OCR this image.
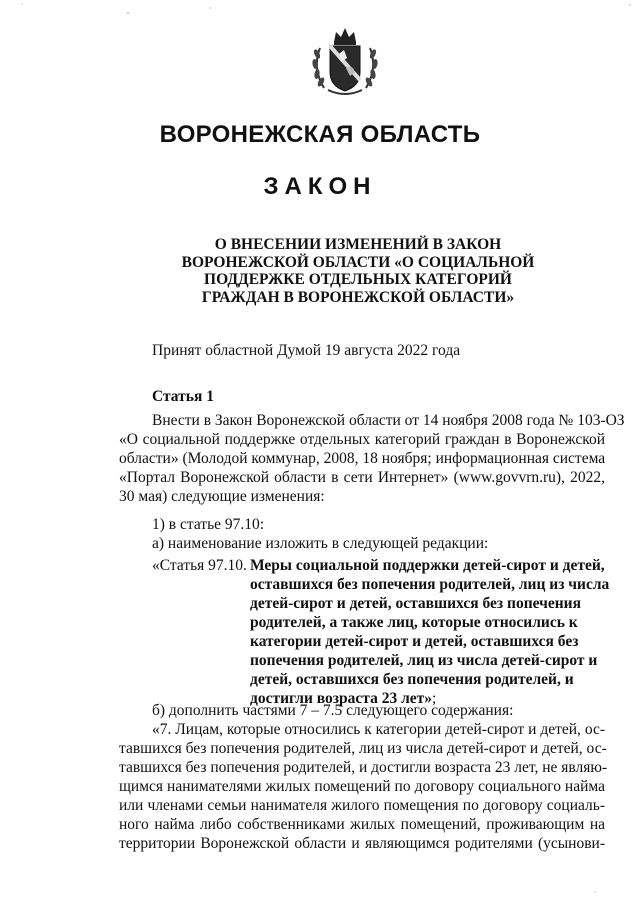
ВОРОНЕЖСКАЯ ОБЛАСТЬ
ЗАКОН
О ВНЕСЕНИИ ИЗМЕНЕНИЙ В ЗАКОН
ВОРОНЕЖСКОЙ ОБЛАСТИ «О СОЦИАЛЬНОЙ
ПОДДЕРЖКЕ ОТДЕЛЬНЫХ КАТЕГОРИЙ
ГРАЖДАН В ВОРОНЕЖСКОЙ ОБЛАСТИ»
Принят областной Думой 19 августа 2022 года
Статья 1
Внести в Закон Воронежской области от 14 ноября 2008 года № 103-ОЗ
«О социальной поддержке отдельных категорий граждан в Воронежской
области» (Молодой коммунар, 2008, 18 ноября; информационная система
«Портал Воронежской области в сети Интернет» (www.govvrn.ru), 2022,
30 мая) следующие изменения:
1) в статье 97.10:
а) наименование изложить в следующей редакции:
«Статья 97.10. Меры социальной поддержки детей-сирот и детей,
оставшихся без попечения родителей, лиц из числа
детей-сирот и детей, оставшихся без попечения
родителей, а также лиц, которые относились к
категории детей-сирот и детей, оставшихся без
попечения родителей, лиц из числа детей-сирот и
детей, оставшихся без попечения родителей, и
достигли возраста 23 лет»;
б) дополнить частями 7 – 7.5 следующего содержания:
«7. Лицам, которые относились к категории детей-сирот и детей, ос-
тавшихся без попечения родителей, лиц из числа детей-сирот и детей, ос-
тавшихся без попечения родителей, и достигли возраста 23 лет, не являю-
щимся нанимателями жилых помещений по договору социального найма
или членами семьи нанимателя жилого помещения по договору социаль-
ного найма либо собственниками жилых помещений, проживающим на
территории Воронежской области и являющимся родителями (усынови-
